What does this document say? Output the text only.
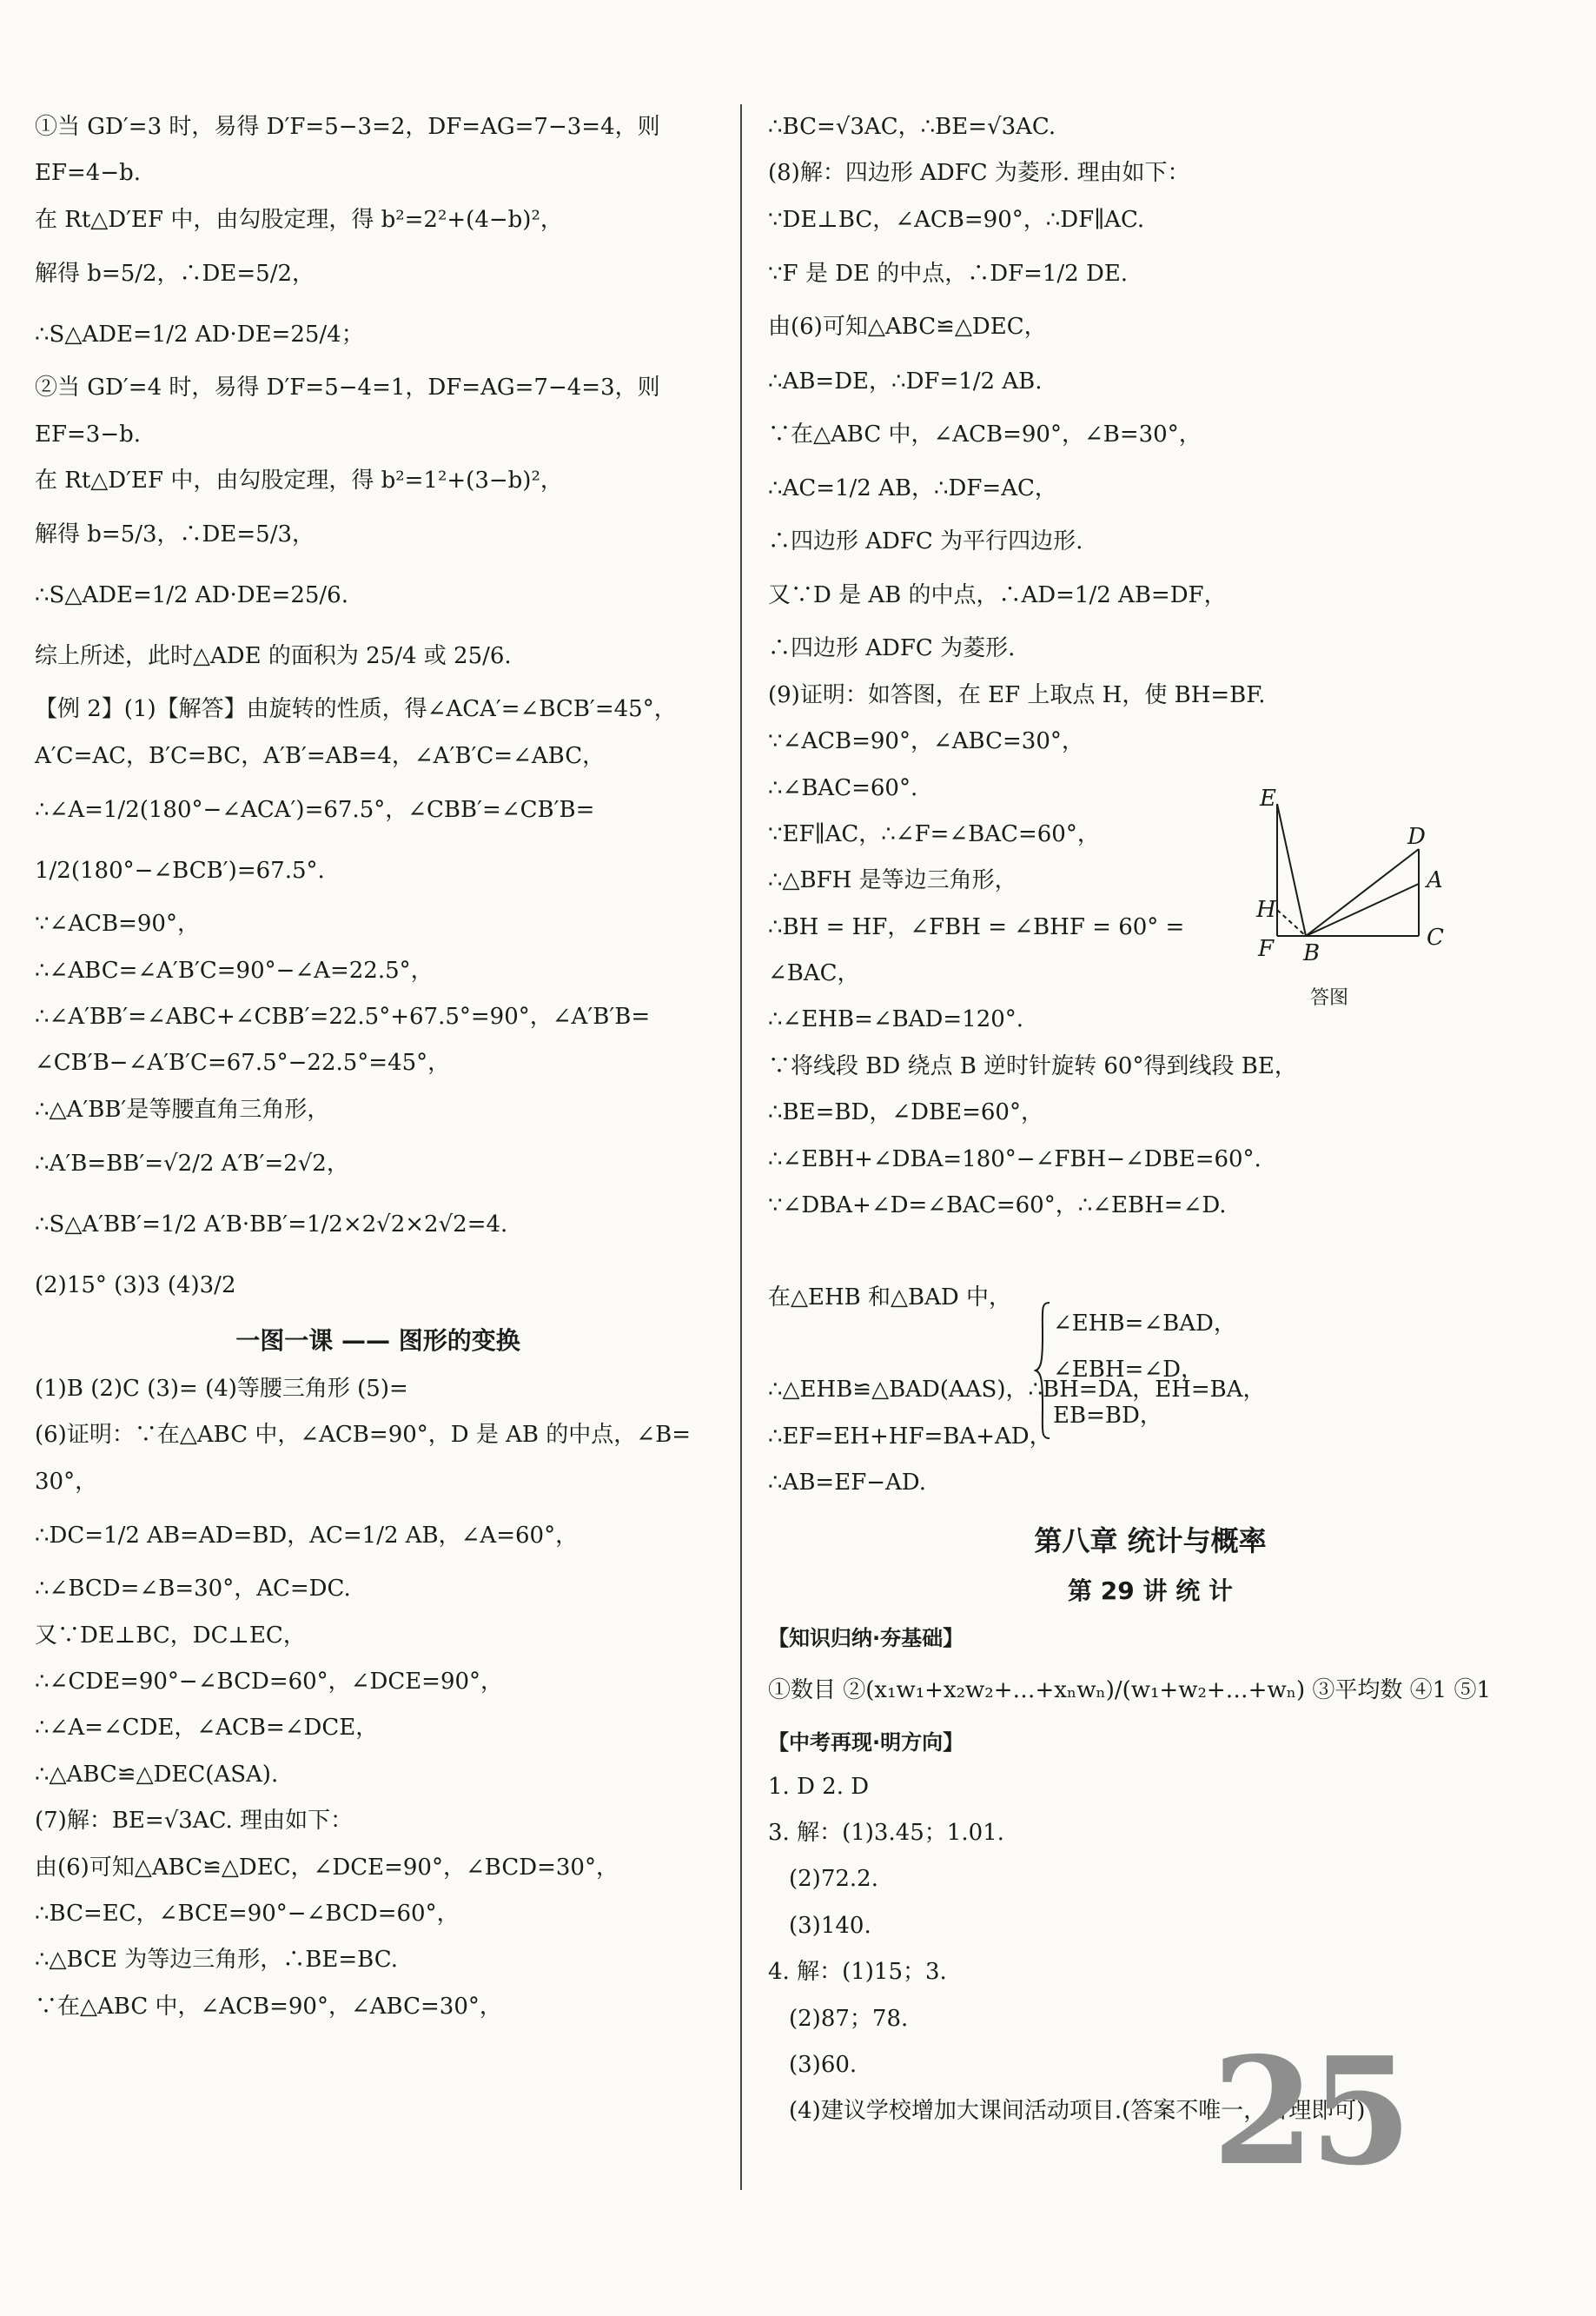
①当 GD′=3 时，易得 D′F=5−3=2，DF=AG=7−3=4，则
EF=4−b.
在 Rt△D′EF 中，由勾股定理，得 b²=2²+(4−b)²，
解得 b=5/2，∴DE=5/2，
∴S△ADE=1/2 AD·DE=25/4；
②当 GD′=4 时，易得 D′F=5−4=1，DF=AG=7−4=3，则
EF=3−b.
在 Rt△D′EF 中，由勾股定理，得 b²=1²+(3−b)²，
解得 b=5/3，∴DE=5/3，
∴S△ADE=1/2 AD·DE=25/6.
综上所述，此时△ADE 的面积为 25/4 或 25/6.
【例 2】(1)【解答】由旋转的性质，得∠ACA′=∠BCB′=45°，
A′C=AC，B′C=BC，A′B′=AB=4，∠A′B′C=∠ABC，
∴∠A=1/2(180°−∠ACA′)=67.5°，∠CBB′=∠CB′B=
1/2(180°−∠BCB′)=67.5°.
∵∠ACB=90°，
∴∠ABC=∠A′B′C=90°−∠A=22.5°，
∴∠A′BB′=∠ABC+∠CBB′=22.5°+67.5°=90°，∠A′B′B=
∠CB′B−∠A′B′C=67.5°−22.5°=45°，
∴△A′BB′是等腰直角三角形，
∴A′B=BB′=√2/2 A′B′=2√2，
∴S△A′BB′=1/2 A′B·BB′=1/2×2√2×2√2=4.
(2)15° (3)3 (4)3/2
一图一课 —— 图形的变换
(1)B (2)C (3)= (4)等腰三角形 (5)=
(6)证明：∵在△ABC 中，∠ACB=90°，D 是 AB 的中点，∠B=
30°，
∴DC=1/2 AB=AD=BD，AC=1/2 AB，∠A=60°，
∴∠BCD=∠B=30°，AC=DC.
又∵DE⊥BC，DC⊥EC，
∴∠CDE=90°−∠BCD=60°，∠DCE=90°，
∴∠A=∠CDE，∠ACB=∠DCE，
∴△ABC≌△DEC(ASA).
(7)解：BE=√3AC. 理由如下：
由(6)可知△ABC≌△DEC，∠DCE=90°，∠BCD=30°，
∴BC=EC，∠BCE=90°−∠BCD=60°，
∴△BCE 为等边三角形，∴BE=BC.
∵在△ABC 中，∠ACB=90°，∠ABC=30°，
∴BC=√3AC，∴BE=√3AC.
(8)解：四边形 ADFC 为菱形. 理由如下：
∵DE⊥BC，∠ACB=90°，∴DF∥AC.
∵F 是 DE 的中点，∴DF=1/2 DE.
由(6)可知△ABC≌△DEC，
∴AB=DE，∴DF=1/2 AB.
∵在△ABC 中，∠ACB=90°，∠B=30°，
∴AC=1/2 AB，∴DF=AC，
∴四边形 ADFC 为平行四边形.
又∵D 是 AB 的中点，∴AD=1/2 AB=DF，
∴四边形 ADFC 为菱形.
(9)证明：如答图，在 EF 上取点 H，使 BH=BF.
∵∠ACB=90°，∠ABC=30°，
∴∠BAC=60°.
∵EF∥AC，∴∠F=∠BAC=60°，
∴△BFH 是等边三角形，
∴BH = HF，∠FBH = ∠BHF = 60° =
∠BAC，
∴∠EHB=∠BAD=120°.
∵将线段 BD 绕点 B 逆时针旋转 60°得到线段 BE，
∴BE=BD，∠DBE=60°，
∴∠EBH+∠DBA=180°−∠FBH−∠DBE=60°.
∵∠DBA+∠D=∠BAC=60°，∴∠EBH=∠D.
在△EHB 和△BAD 中，
∴△EHB≌△BAD(AAS)，∴BH=DA，EH=BA，
∴EF=EH+HF=BA+AD，
∴AB=EF−AD.
第八章 统计与概率
第 29 讲 统 计
【知识归纳·夯基础】
①数目 ②(x₁w₁+x₂w₂+…+xₙwₙ)/(w₁+w₂+…+wₙ) ③平均数 ④1 ⑤1
【中考再现·明方向】
1. D 2. D
3. 解：(1)3.45；1.01.
(2)72.2.
(3)140.
4. 解：(1)15；3.
(2)87；78.
(3)60.
(4)建议学校增加大课间活动项目.(答案不唯一，合理即可)
∠EHB=∠BAD，
∠EBH=∠D，
EB=BD，
E
D
A
H
F B
C
答图
25
